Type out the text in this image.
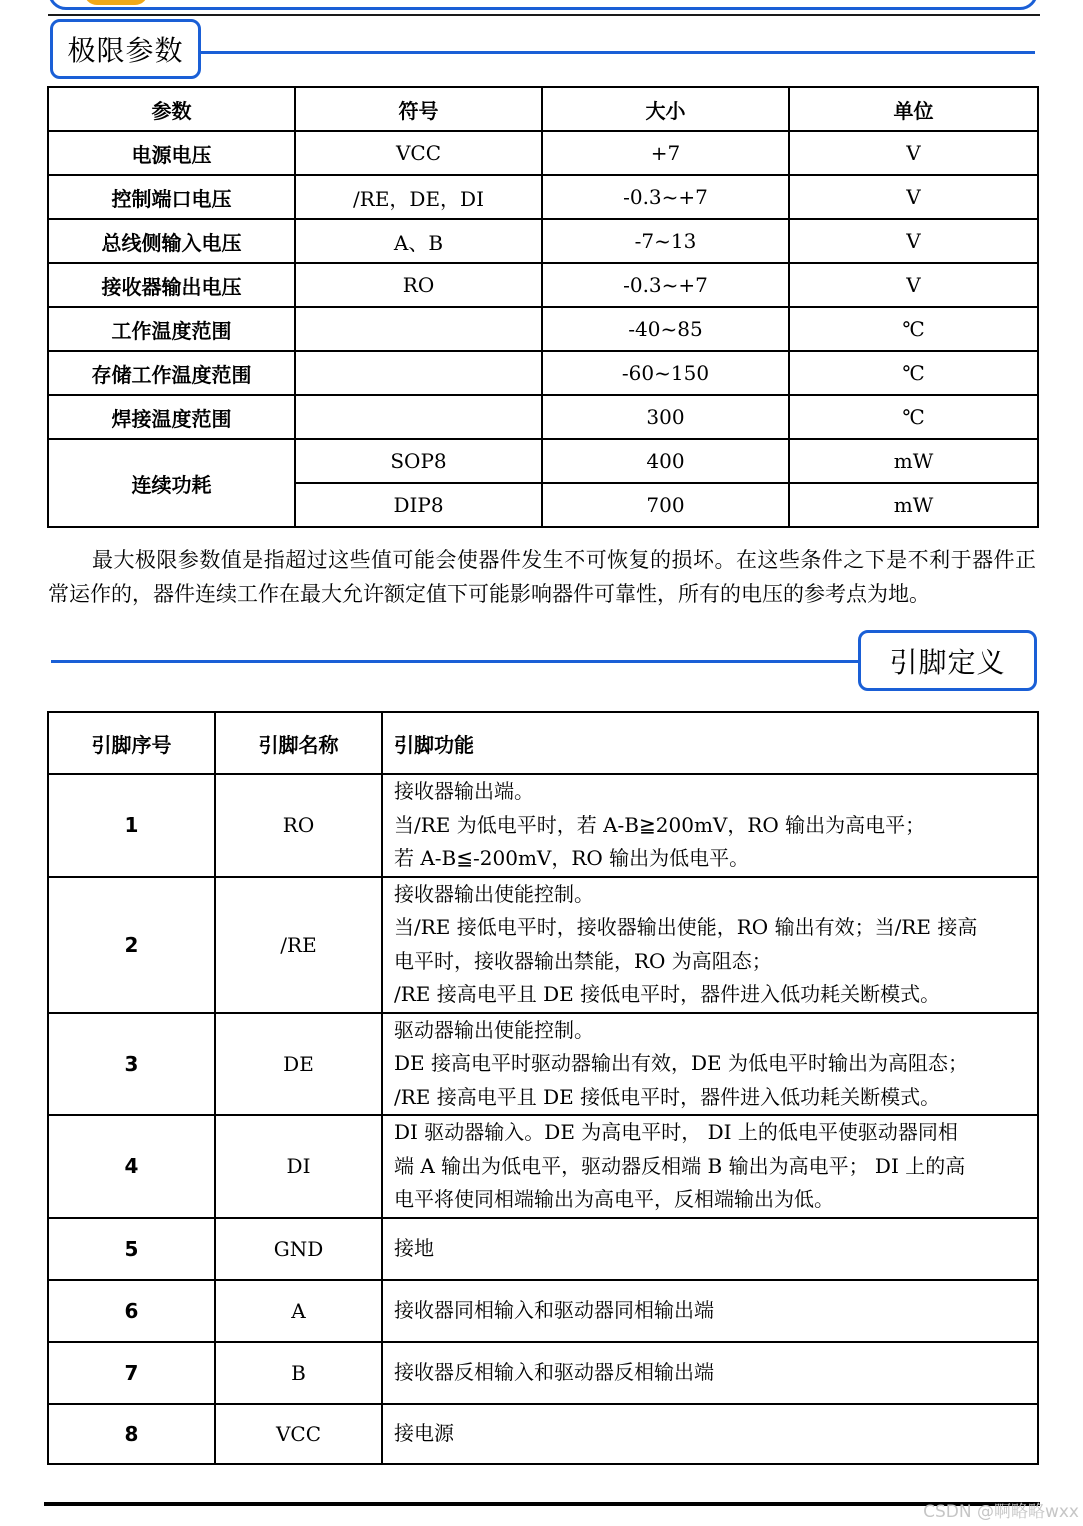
极限参数
参数	符号	大小	单位
电源电压	VCC	+7	V
控制端口电压	/RE，DE，DI	-0.3~+7	V
总线侧输入电压	A、B	-7~13	V
接收器输出电压	RO	-0.3~+7	V
工作温度范围		-40~85	℃
存储工作温度范围		-60~150	℃
焊接温度范围		300	℃
连续功耗	SOP8	400	mW
	DIP8	700	mW
最大极限参数值是指超过这些值可能会使器件发生不可恢复的损坏。在这些条件之下是不利于器件正常运作的，器件连续工作在最大允许额定值下可能影响器件可靠性，所有的电压的参考点为地。
引脚定义
引脚序号	引脚名称	引脚功能
1	RO	接收器输出端。
当/RE 为低电平时，若 A-B≧200mV，RO 输出为高电平；
若 A-B≦-200mV，RO 输出为低电平。

2	/RE	接收器输出使能控制。
当/RE 接低电平时，接收器输出使能，RO 输出有效；当/RE 接高
电平时，接收器输出禁能，RO 为高阻态；
/RE 接高电平且 DE 接低电平时，器件进入低功耗关断模式。

3	DE	驱动器输出使能控制。
DE 接高电平时驱动器输出有效，DE 为低电平时输出为高阻态；
/RE 接高电平且 DE 接低电平时，器件进入低功耗关断模式。

4	DI	DI 驱动器输入。DE 为高电平时， DI 上的低电平使驱动器同相
端 A 输出为低电平，驱动器反相端 B 输出为高电平； DI 上的高
电平将使同相端输出为高电平，反相端输出为低。

5	GND	接地

6	A	接收器同相输入和驱动器同相输出端

7	B	接收器反相输入和驱动器反相输出端

8	VCC	接电源
CSDN @啊略略wxx
